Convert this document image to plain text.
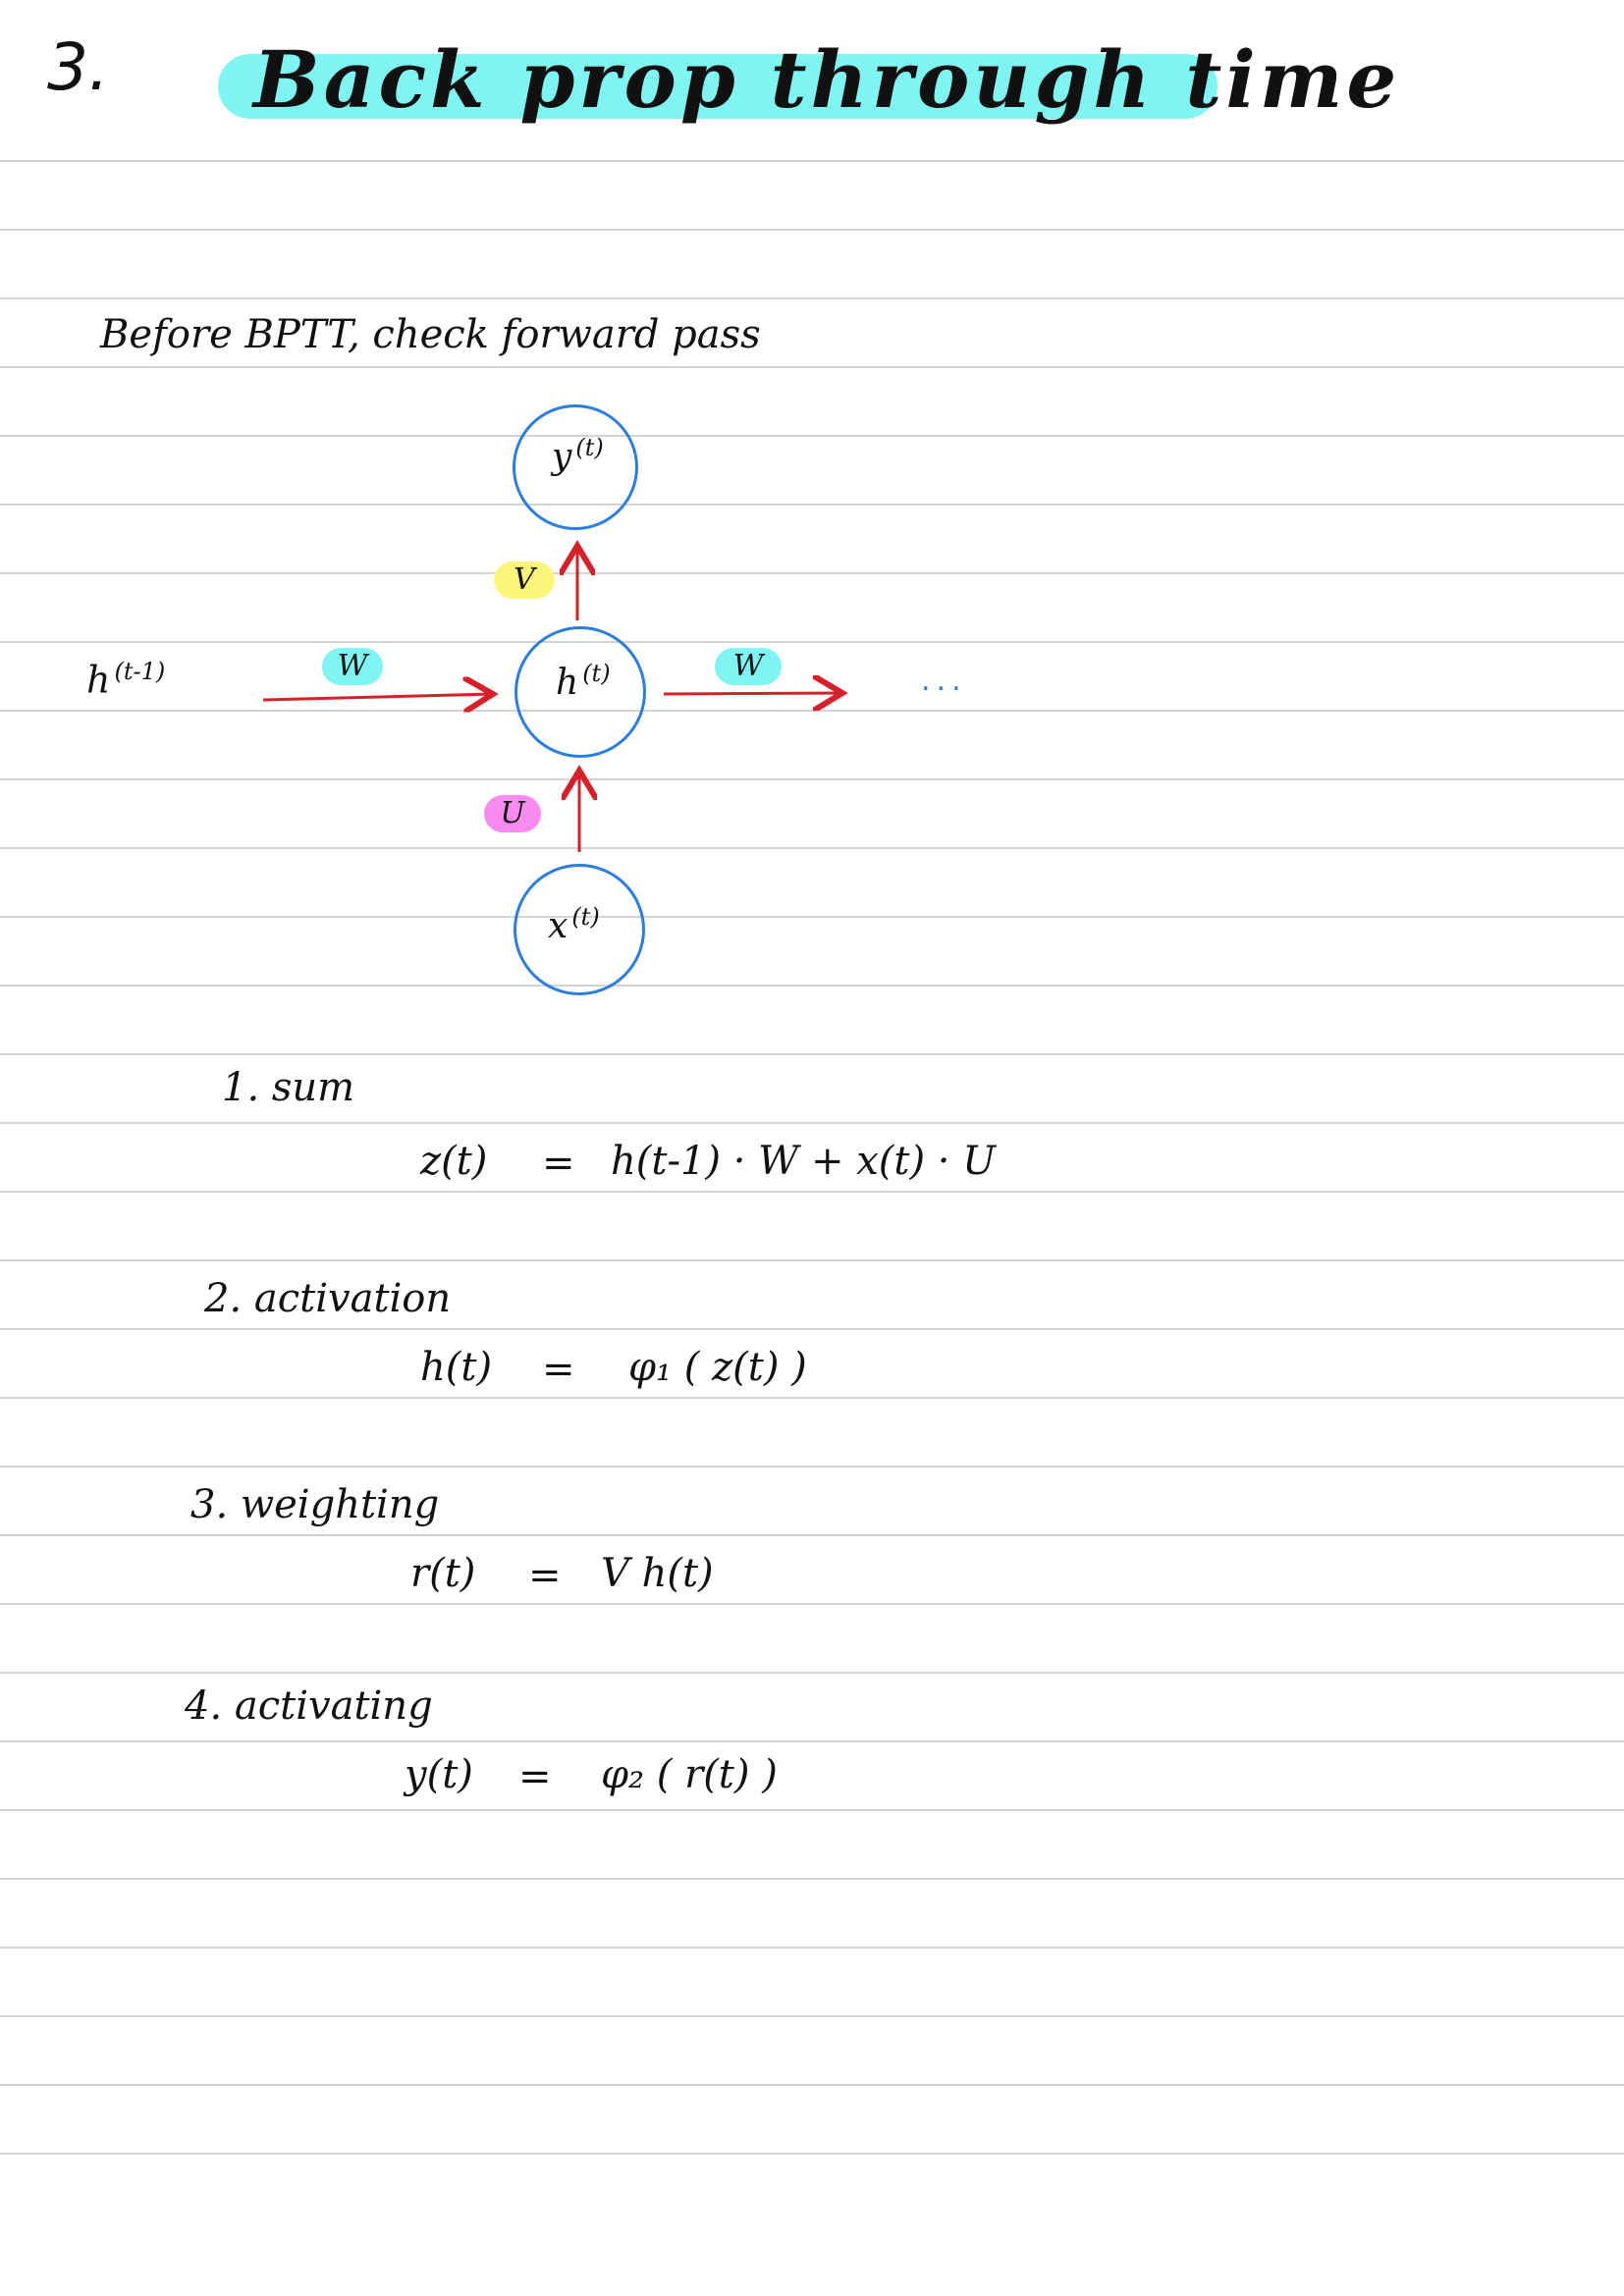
3. Back prop through time
Before BPTT, check forward pass
h $^{(t-1)}$
y $^{(t)}$
h $^{(t)}$
x $^{(t)}$
V
W	W
U
...
1. sum
z(t) = h(t-1) · W + x(t) · U
2. activation
h(t) = φ₁ ( z(t) )
3. weighting
r(t) = V h(t)
4. activating
y(t) = φ₂ ( r(t) )
